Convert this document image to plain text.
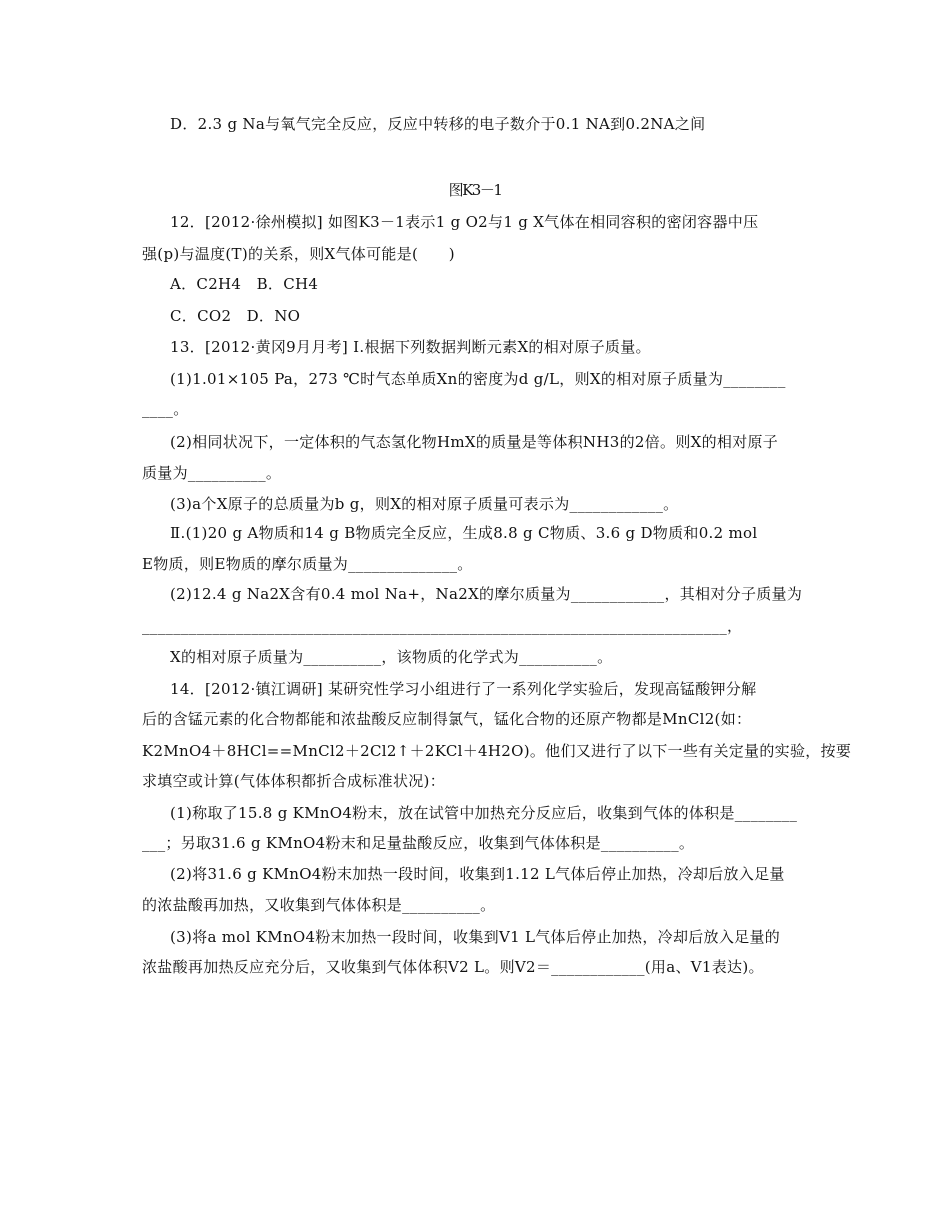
D．2.3 g Na与氧气完全反应，反应中转移的电子数介于0.1 NA到0.2NA之间
图K3－1
12．[2012·徐州模拟] 如图K3－1表示1 g O2与1 g X气体在相同容积的密闭容器中压
强(p)与温度(T)的关系，则X气体可能是(　　)
A．C2H4　B．CH4
C．CO2　D．NO
13．[2012·黄冈9月月考] Ⅰ.根据下列数据判断元素X的相对原子质量。
(1)1.01×105 Pa，273 ℃时气态单质Xn的密度为d g/L，则X的相对原子质量为________
____。
(2)相同状况下，一定体积的气态氢化物HmX的质量是等体积NH3的2倍。则X的相对原子
质量为__________。
(3)a个X原子的总质量为b g，则X的相对原子质量可表示为____________。
Ⅱ.(1)20 g A物质和14 g B物质完全反应，生成8.8 g C物质、3.6 g D物质和0.2 mol
E物质，则E物质的摩尔质量为______________。
(2)12.4 g Na2X含有0.4 mol Na+，Na2X的摩尔质量为____________，其相对分子质量为
___________________________________________________________________________，
X的相对原子质量为__________，该物质的化学式为__________。
14．[2012·镇江调研] 某研究性学习小组进行了一系列化学实验后，发现高锰酸钾分解
后的含锰元素的化合物都能和浓盐酸反应制得氯气，锰化合物的还原产物都是MnCl2(如：
K2MnO4＋8HCl==MnCl2＋2Cl2↑＋2KCl＋4H2O)。他们又进行了以下一些有关定量的实验，按要
求填空或计算(气体体积都折合成标准状况)：
(1)称取了15.8 g KMnO4粉末，放在试管中加热充分反应后，收集到气体的体积是________
___；另取31.6 g KMnO4粉末和足量盐酸反应，收集到气体体积是__________。
(2)将31.6 g KMnO4粉末加热一段时间，收集到1.12 L气体后停止加热，冷却后放入足量
的浓盐酸再加热，又收集到气体体积是__________。
(3)将a mol KMnO4粉末加热一段时间，收集到V1 L气体后停止加热，冷却后放入足量的
浓盐酸再加热反应充分后，又收集到气体体积V2 L。则V2＝____________(用a、V1表达)。
